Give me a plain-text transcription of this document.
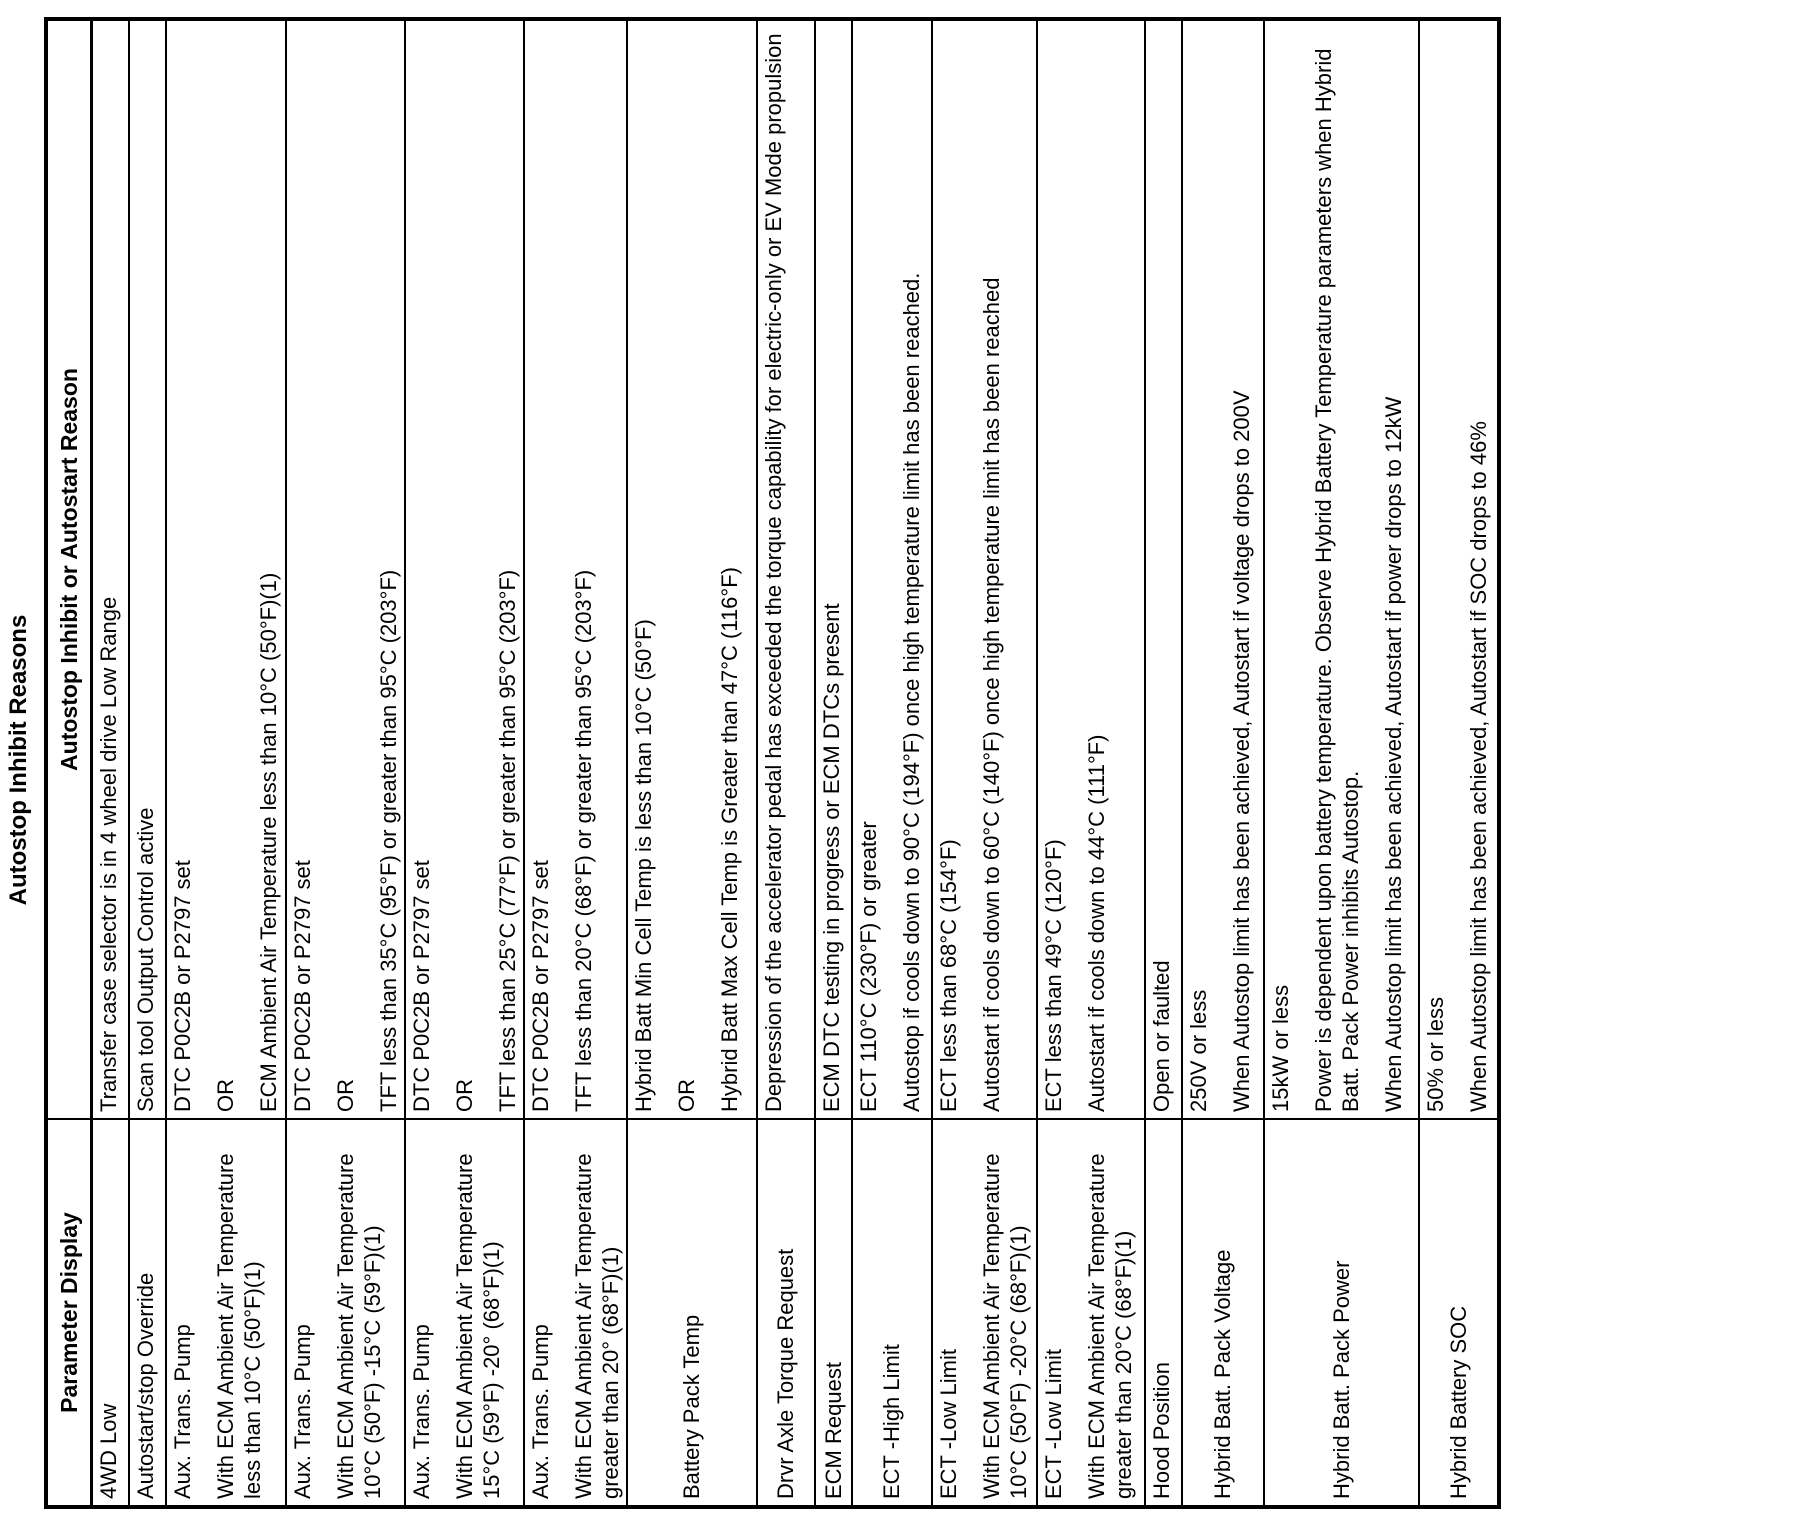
Autostop Inhibit Reasons
Parameter Display	Autostop Inhibit or Autostart Reason

4WD Low	Transfer case selector is in 4 wheel drive Low Range

Autostart/stop Override	Scan tool Output Control active

Aux. Trans. Pump With ECM Ambient Air Temperature less than 10°C (50°F)(1)	DTC P0C2B or P2797 set OR ECM Ambient Air Temperature less than 10°C (50°F)(1)

Aux. Trans. Pump With ECM Ambient Air Temperature 10°C (50°F) -15°C (59°F)(1)	DTC P0C2B or P2797 set OR TFT less than 35°C (95°F) or greater than 95°C (203°F)

Aux. Trans. Pump With ECM Ambient Air Temperature 15°C (59°F) -20° (68°F)(1)	DTC P0C2B or P2797 set OR TFT less than 25°C (77°F) or greater than 95°C (203°F)

Aux. Trans. Pump With ECM Ambient Air Temperature greater than 20° (68°F)(1)	DTC P0C2B or P2797 set TFT less than 20°C (68°F) or greater than 95°C (203°F)

Battery Pack Temp	Hybrid Batt Min Cell Temp is less than 10°C (50°F) OR Hybrid Batt Max Cell Temp is Greater than 47°C (116°F)

Drvr Axle Torque Request	Depression of the accelerator pedal has exceeded the torque capability for electric-only or EV Mode propulsion

ECM Request	ECM DTC testing in progress or ECM DTCs present

ECT -High Limit	ECT 110°C (230°F) or greater Autostop if cools down to 90°C (194°F) once high temperature limit has been reached.

ECT -Low Limit With ECM Ambient Air Temperature 10°C (50°F) -20°C (68°F)(1)	ECT less than 68°C (154°F) Autostart if cools down to 60°C (140°F) once high temperature limit has been reached

ECT -Low Limit With ECM Ambient Air Temperature greater than 20°C (68°F)(1)	ECT less than 49°C (120°F) Autostart if cools down to 44°C (111°F)

Hood Position	Open or faulted

Hybrid Batt. Pack Voltage	250V or less When Autostop limit has been achieved, Autostart if voltage drops to 200V

Hybrid Batt. Pack Power	15kW or less Power is dependent upon battery temperature. Observe Hybrid Battery Temperature parameters when Hybrid Batt. Pack Power inhibits Autostop. When Autostop limit has been achieved, Autostart if power drops to 12kW

Hybrid Battery SOC	50% or less When Autostop limit has been achieved, Autostart if SOC drops to 46%
